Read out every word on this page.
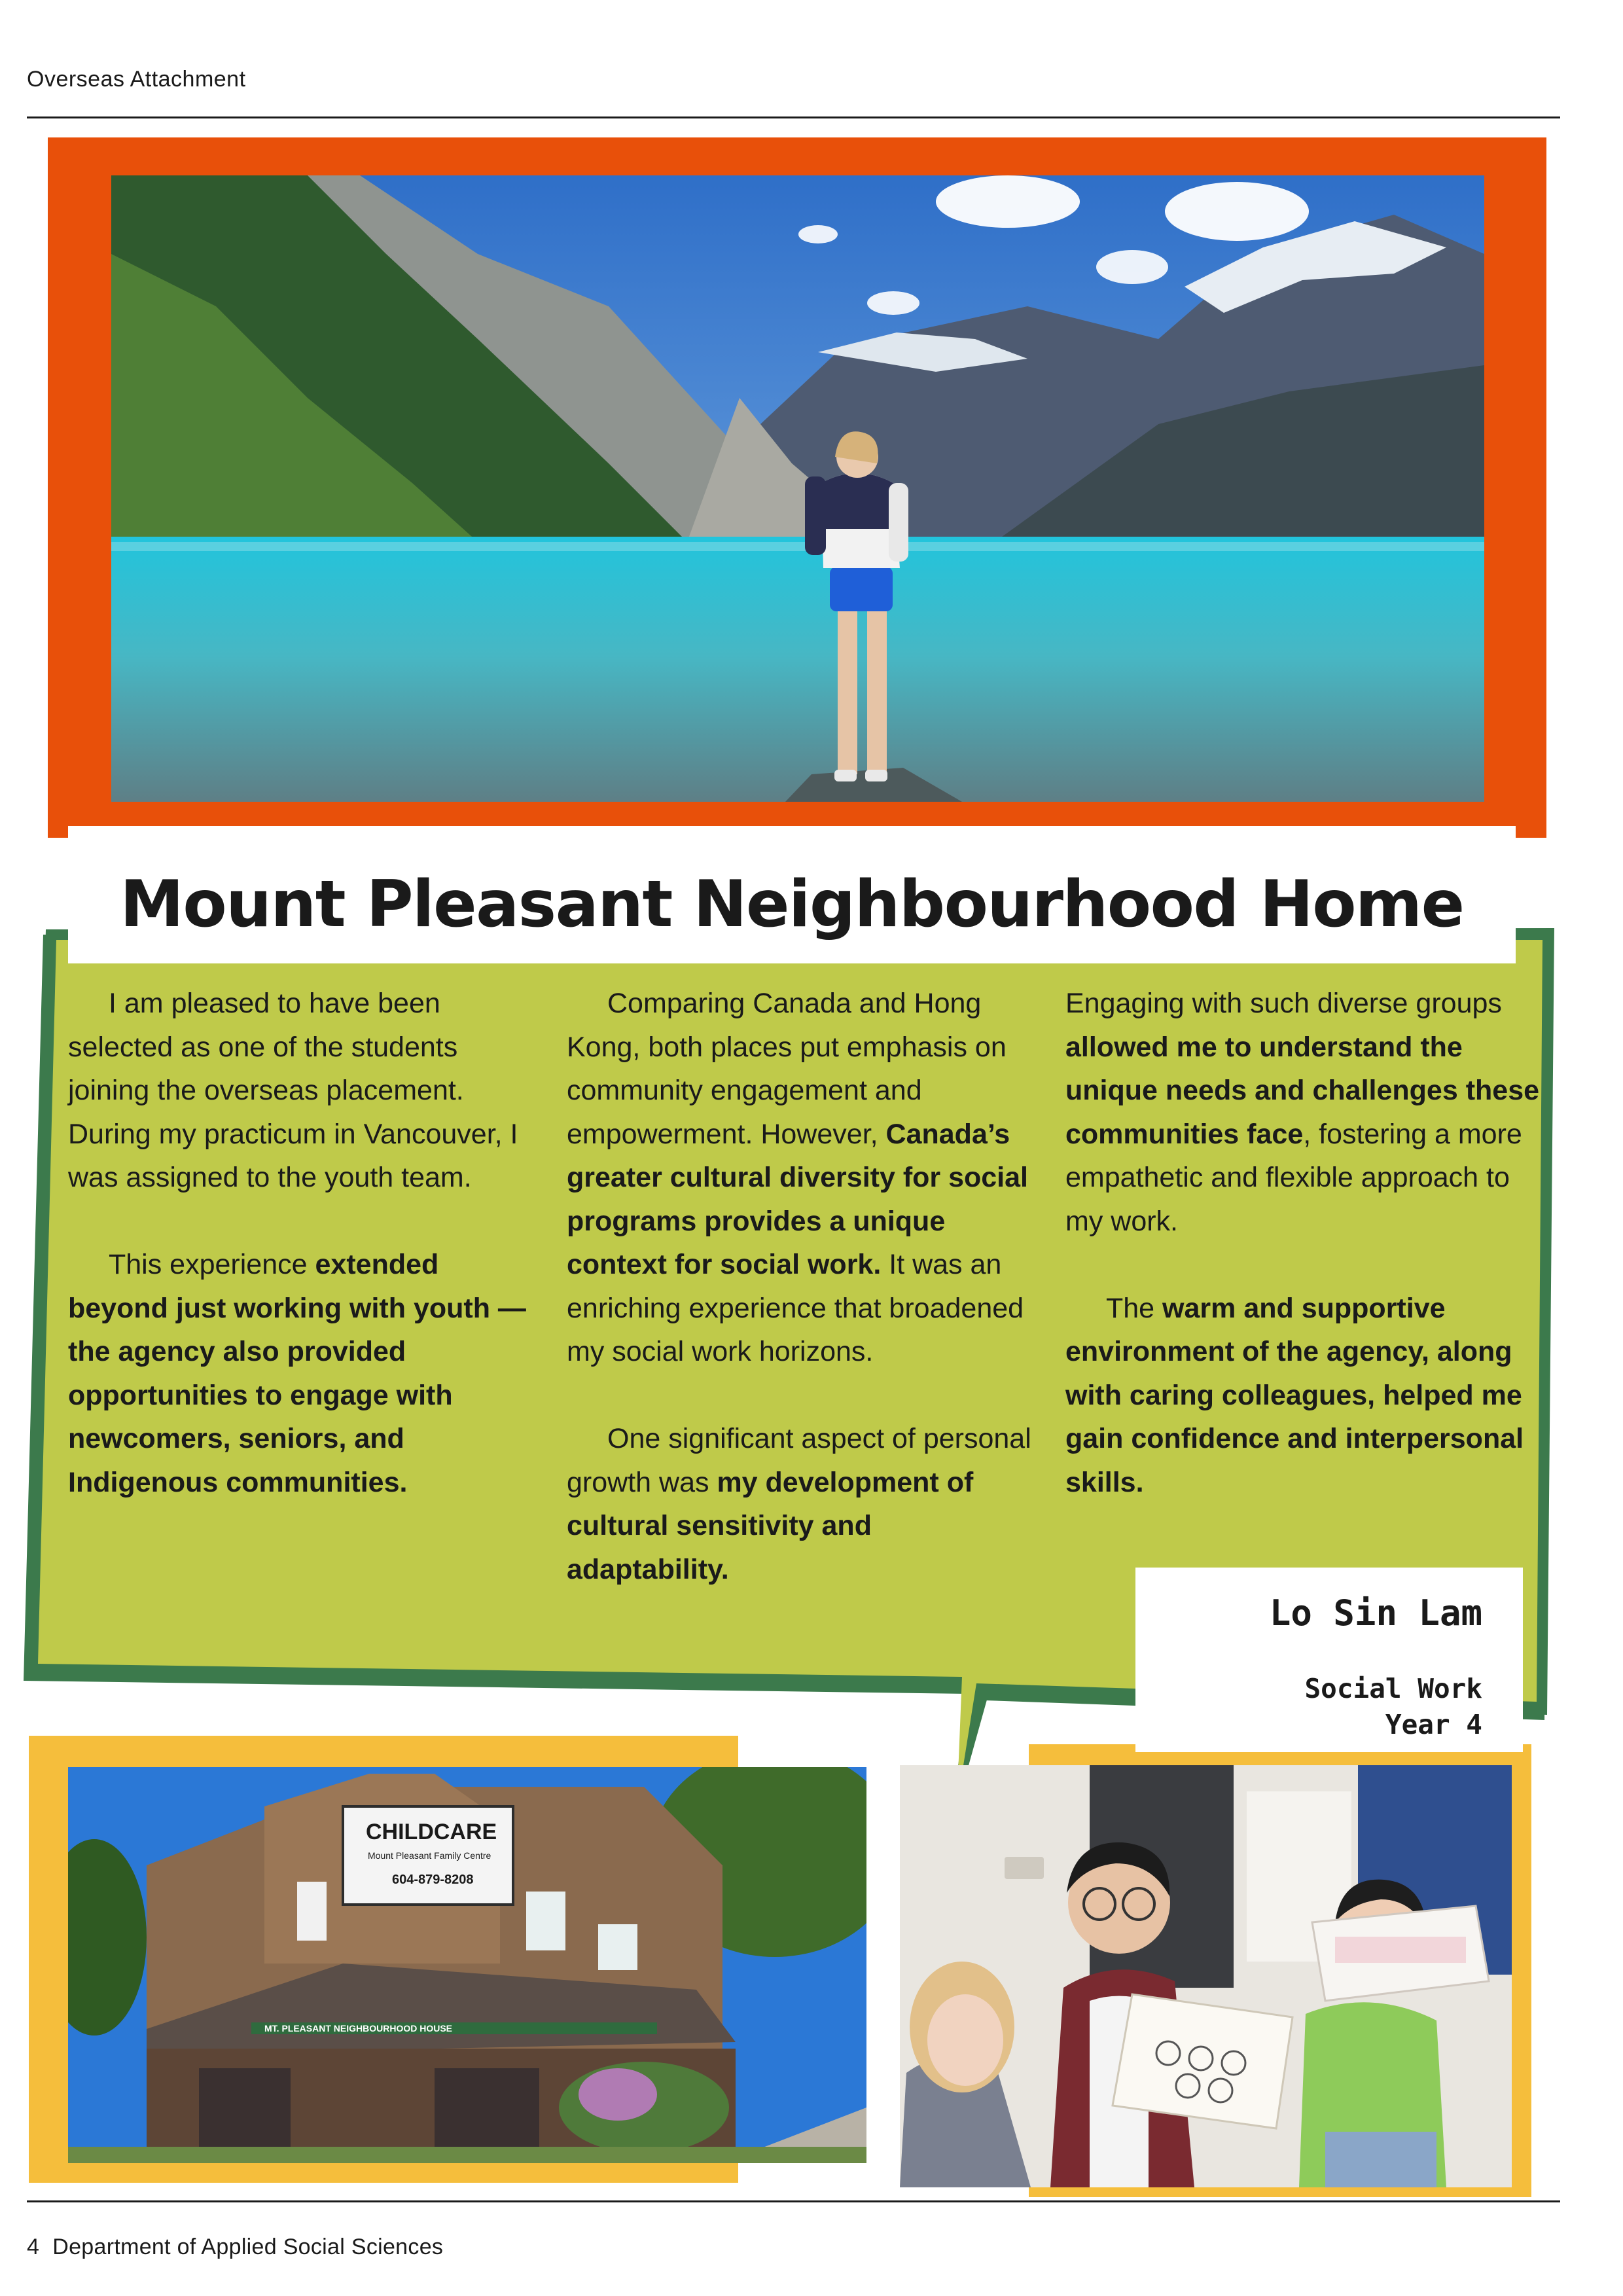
Overseas Attachment
Mount Pleasant Neighbourhood Home

I am pleased to have been selected as one of the students joining the overseas placement. During my practicum in Vancouver, I was assigned to the youth team.

This experience extended beyond just working with youth — the agency also provided opportunities to engage with newcomers, seniors, and Indigenous communities.

Comparing Canada and Hong Kong, both places put emphasis on community engagement and empowerment. However, Canada’s greater cultural diversity for social programs provides a unique context for social work. It was an enriching experience that broadened my social work horizons.

One significant aspect of personal growth was my development of cultural sensitivity and adaptability.

Engaging with such diverse groups allowed me to understand the unique needs and challenges these communities face, fostering a more empathetic and flexible approach to my work.

The warm and supportive environment of the agency, along with caring colleagues, helped me gain confidence and interpersonal skills.

Lo Sin Lam
Social Work
Year 4
CHILDCARE
Mount Pleasant Family Centre
604-879-8208
MT. PLEASANT NEIGHBOURHOOD HOUSE
4 Department of Applied Social Sciences
